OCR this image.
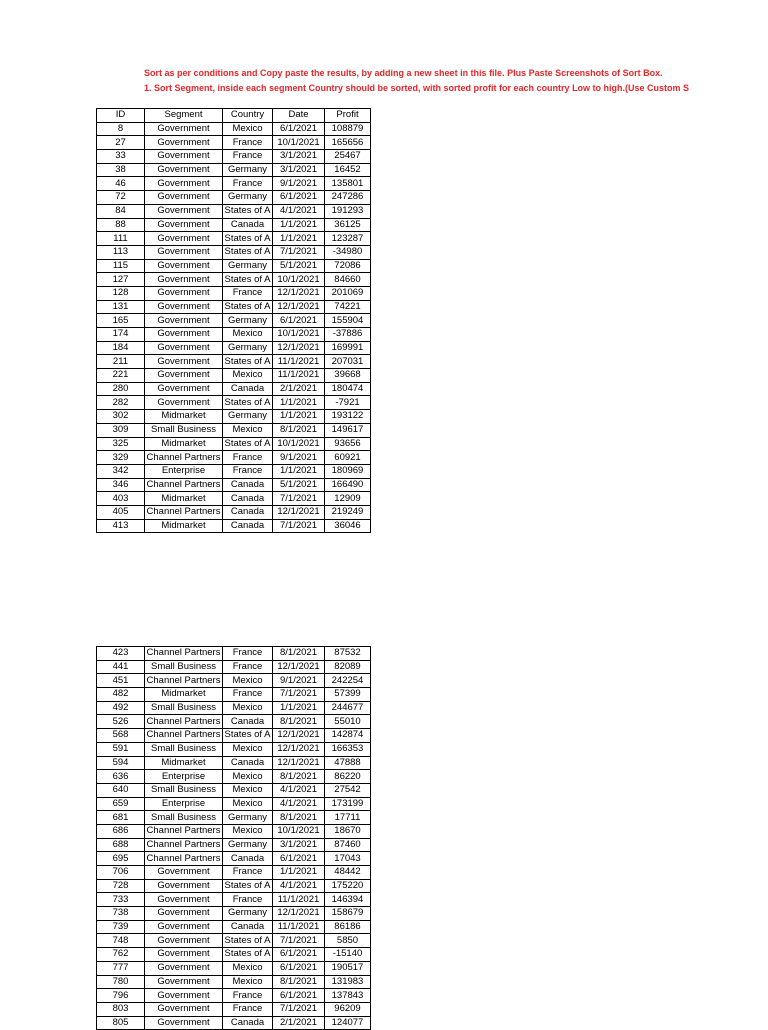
Sort as per conditions and Copy paste the results, by adding a new sheet in this file. Plus Paste Screenshots of Sort Box.
1. Sort Segment, inside each segment Country should be sorted, with sorted profit for each country Low to high.(Use Custom S
ID	Segment	Country	Date	Profit
8	Government	Mexico	6/1/2021	108879
27	Government	France	10/1/2021	165656
33	Government	France	3/1/2021	25467
38	Government	Germany	3/1/2021	16452
46	Government	France	9/1/2021	135801
72	Government	Germany	6/1/2021	247286
84	Government	States of A	4/1/2021	191293
88	Government	Canada	1/1/2021	36125
111	Government	States of A	1/1/2021	123287
113	Government	States of A	7/1/2021	-34980
115	Government	Germany	5/1/2021	72086
127	Government	States of A	10/1/2021	84660
128	Government	France	12/1/2021	201069
131	Government	States of A	12/1/2021	74221
165	Government	Germany	6/1/2021	155904
174	Government	Mexico	10/1/2021	-37886
184	Government	Germany	12/1/2021	169991
211	Government	States of A	11/1/2021	207031
221	Government	Mexico	11/1/2021	39668
280	Government	Canada	2/1/2021	180474
282	Government	States of A	1/1/2021	-7921
302	Midmarket	Germany	1/1/2021	193122
309	Small Business	Mexico	8/1/2021	149617
325	Midmarket	States of A	10/1/2021	93656
329	Channel Partners	France	9/1/2021	60921
342	Enterprise	France	1/1/2021	180969
346	Channel Partners	Canada	5/1/2021	166490
403	Midmarket	Canada	7/1/2021	12909
405	Channel Partners	Canada	12/1/2021	219249
413	Midmarket	Canada	7/1/2021	36046
423	Channel Partners	France	8/1/2021	87532
441	Small Business	France	12/1/2021	82089
451	Channel Partners	Mexico	9/1/2021	242254
482	Midmarket	France	7/1/2021	57399
492	Small Business	Mexico	1/1/2021	244677
526	Channel Partners	Canada	8/1/2021	55010
568	Channel Partners	States of A	12/1/2021	142874
591	Small Business	Mexico	12/1/2021	166353
594	Midmarket	Canada	12/1/2021	47888
636	Enterprise	Mexico	8/1/2021	86220
640	Small Business	Mexico	4/1/2021	27542
659	Enterprise	Mexico	4/1/2021	173199
681	Small Business	Germany	8/1/2021	17711
686	Channel Partners	Mexico	10/1/2021	18670
688	Channel Partners	Germany	3/1/2021	87460
695	Channel Partners	Canada	6/1/2021	17043
706	Government	France	1/1/2021	48442
728	Government	States of A	4/1/2021	175220
733	Government	France	11/1/2021	146394
738	Government	Germany	12/1/2021	158679
739	Government	Canada	11/1/2021	86186
748	Government	States of A	7/1/2021	5850
762	Government	States of A	6/1/2021	-15140
777	Government	Mexico	6/1/2021	190517
780	Government	Mexico	8/1/2021	131983
796	Government	France	6/1/2021	137843
803	Government	France	7/1/2021	96209
805	Government	Canada	2/1/2021	124077
